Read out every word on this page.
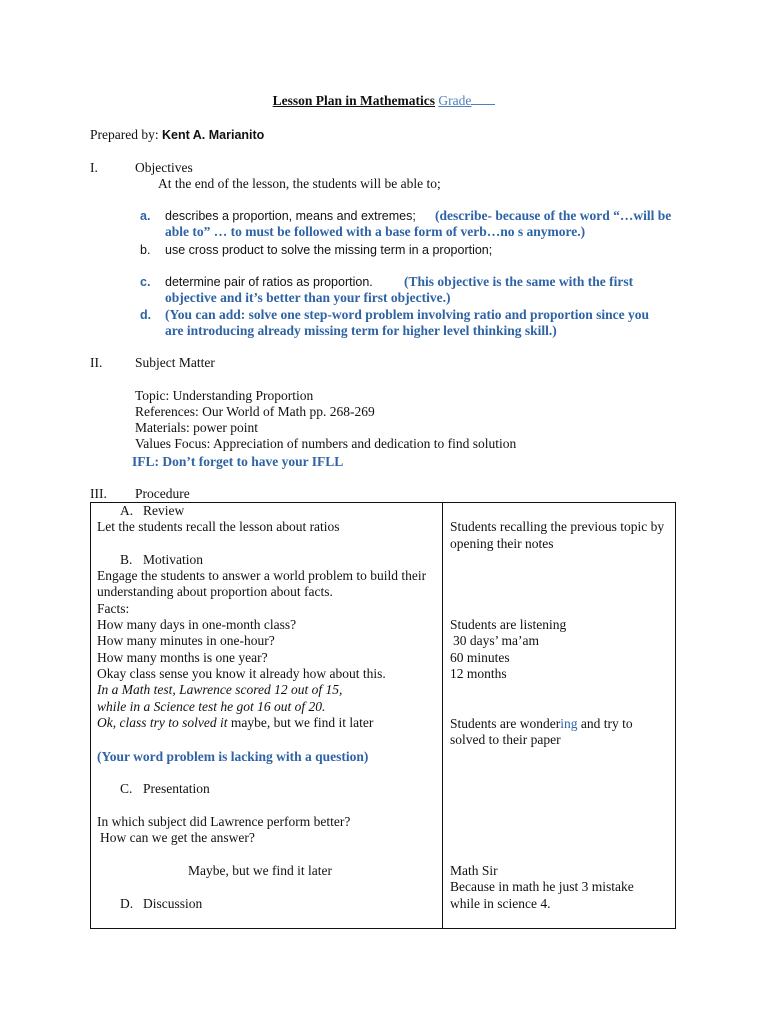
Lesson Plan in Mathematics Grade
Prepared by: Kent A. Marianito
I.	Objectives
At the end of the lesson, the students will be able to;
a. describes a proportion, means and extremes; (describe- because of the word “…will be
able to” … to must be followed with a base form of verb…no s anymore.)
b. use cross product to solve the missing term in a proportion;
c. determine pair of ratios as proportion. (This objective is the same with the first
objective and it’s better than your first objective.)
d. (You can add: solve one step-word problem involving ratio and proportion since you
are introducing already missing term for higher level thinking skill.)
II. Subject Matter
Topic: Understanding Proportion
References: Our World of Math pp. 268-269
Materials: power point
Values Focus: Appreciation of numbers and dedication to find solution
IFL: Don’t forget to have your IFLL
III. Procedure
A. Review
Let the students recall the lesson about ratios
B. Motivation
Engage the students to answer a world problem to build their
understanding about proportion about facts.
Facts:
How many days in one-month class?
How many minutes in one-hour?
How many months is one year?
Okay class sense you know it already how about this.
In a Math test, Lawrence scored 12 out of 15,
while in a Science test he got 16 out of 20.
Ok, class try to solved it maybe, but we find it later
(Your word problem is lacking with a question)
C. Presentation
In which subject did Lawrence perform better?
How can we get the answer?
Maybe, but we find it later
D. Discussion
Students recalling the previous topic by
opening their notes
Students are listening
30 days’ ma’am
60 minutes
12 months
Students are wondering and try to
solved to their paper
Math Sir
Because in math he just 3 mistake
while in science 4.
